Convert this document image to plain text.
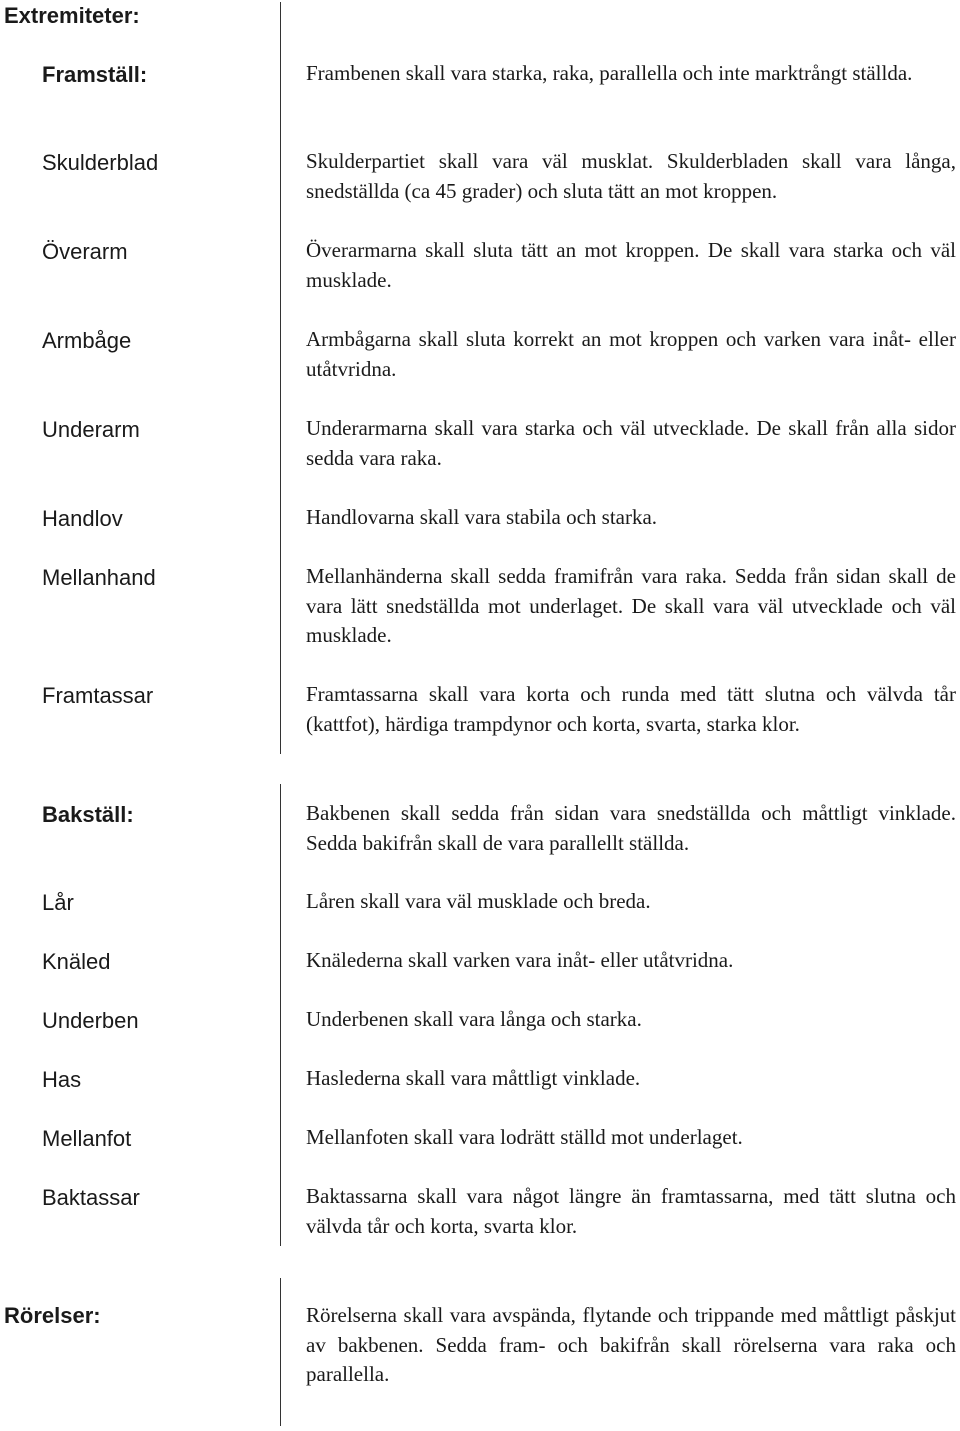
Extremiteter:
Framställ:	Frambenen skall vara starka, raka, parallella och inte marktrångt ställda.
Skulderblad	Skulderpartiet skall vara väl musklat. Skulderbladen skall vara långa, snedställda (ca 45 grader) och sluta tätt an mot kroppen.
Överarm	Överarmarna skall sluta tätt an mot kroppen. De skall vara starka och väl musklade.
Armbåge	Armbågarna skall sluta korrekt an mot kroppen och varken vara inåt- eller utåtvridna.
Underarm	Underarmarna skall vara starka och väl utvecklade. De skall från alla sidor sedda vara raka.
Handlov	Handlovarna skall vara stabila och starka.
Mellanhand	Mellanhänderna skall sedda framifrån vara raka. Sedda från sidan skall de vara lätt snedställda mot underlaget. De skall vara väl utvecklade och väl musklade.
Framtassar	Framtassarna skall vara korta och runda med tätt slutna och välvda tår (kattfot), härdiga trampdynor och korta, svarta, starka klor.
Bakställ:	Bakbenen skall sedda från sidan vara snedställda och måttligt vinklade. Sedda bakifrån skall de vara parallellt ställda.
Lår	Låren skall vara väl musklade och breda.
Knäled	Knälederna skall varken vara inåt- eller utåtvridna.
Underben	Underbenen skall vara långa och starka.
Has	Haslederna skall vara måttligt vinklade.
Mellanfot	Mellanfoten skall vara lodrätt ställd mot underlaget.
Baktassar	Baktassarna skall vara något längre än framtassarna, med tätt slutna och välvda tår och korta, svarta klor.
Rörelser:	Rörelserna skall vara avspända, flytande och trippande med måttligt påskjut av bakbenen. Sedda fram- och bakifrån skall rörelserna vara raka och parallella.
